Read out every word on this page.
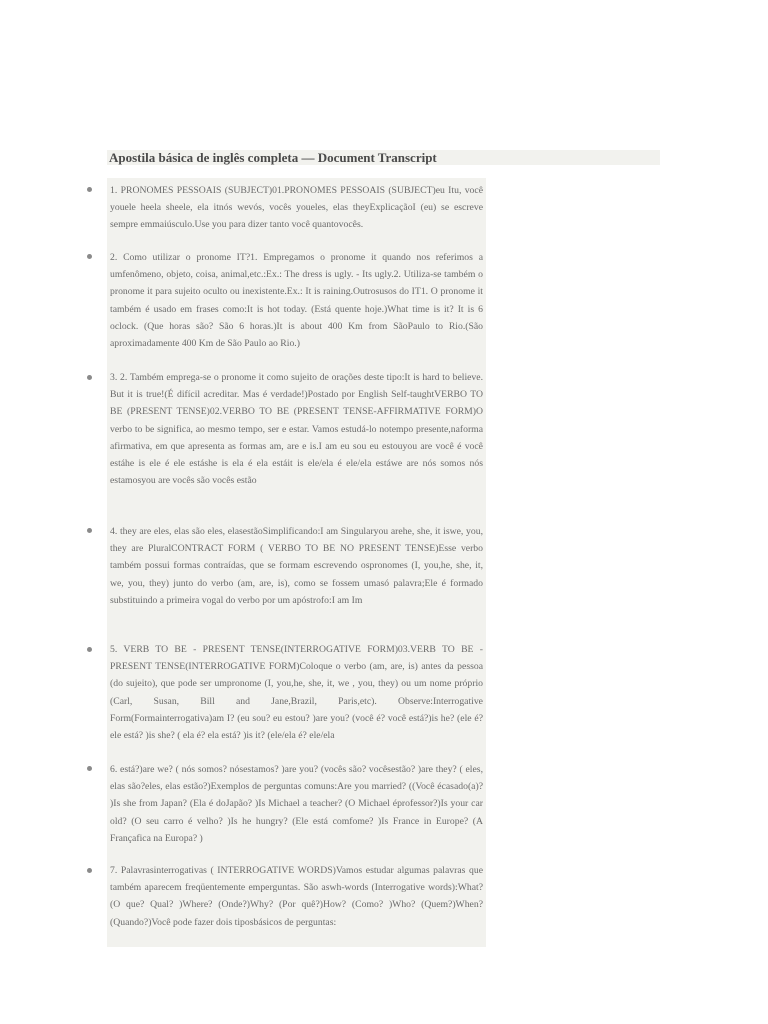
Apostila básica de inglês completa — Document Transcript

1. PRONOMES PESSOAIS (SUBJECT)01.PRONOMES PESSOAIS (SUBJECT)eu Itu, você youele heela sheele, ela itnós wevós, vocês youeles, elas theyExplicaçãoI (eu) se escreve sempre emmaiúsculo.Use you para dizer tanto você quantovocês.

2. Como utilizar o pronome IT?1. Empregamos o pronome it quando nos referimos a umfenômeno, objeto, coisa, animal,etc.:Ex.: The dress is ugly. - Its ugly.2. Utiliza-se também o pronome it para sujeito oculto ou inexistente.Ex.: It is raining.Outrosusos do IT1. O pronome it também é usado em frases como:It is hot today. (Está quente hoje.)What time is it? It is 6 oclock. (Que horas são? São 6 horas.)It is about 400 Km from SãoPaulo to Rio.(São aproximadamente 400 Km de São Paulo ao Rio.)

3. 2. Também emprega-se o pronome it como sujeito de orações deste tipo:It is hard to believe. But it is true!(É difícil acreditar. Mas é verdade!)Postado por English Self-taughtVERBO TO BE (PRESENT TENSE)02.VERBO TO BE (PRESENT TENSE-AFFIRMATIVE FORM)O verbo to be significa, ao mesmo tempo, ser e estar. Vamos estudá-lo notempo presente,naforma afirmativa, em que apresenta as formas am, are e is.I am eu sou eu estouyou are você é você estáhe is ele é ele estáshe is ela é ela estáit is ele/ela é ele/ela estáwe are nós somos nós estamosyou are vocês são vocês estão

4. they are eles, elas são eles, elasestãoSimplificando:I am Singularyou arehe, she, it iswe, you, they are PluralCONTRACT FORM ( VERBO TO BE NO PRESENT TENSE)Esse verbo também possui formas contraídas, que se formam escrevendo ospronomes (I, you,he, she, it, we, you, they) junto do verbo (am, are, is), como se fossem umasó palavra;Ele é formado substituindo a primeira vogal do verbo por um apóstrofo:I am Im

5. VERB TO BE - PRESENT TENSE(INTERROGATIVE FORM)03.VERB TO BE - PRESENT TENSE(INTERROGATIVE FORM)Coloque o verbo (am, are, is) antes da pessoa (do sujeito), que pode ser umpronome (I, you,he, she, it, we , you, they) ou um nome próprio (Carl, Susan, Bill and Jane,Brazil, Paris,etc). Observe:Interrogative Form(Formainterrogativa)am I? (eu sou? eu estou? )are you? (você é? você está?)is he? (ele é? ele está? )is she? ( ela é? ela está? )is it? (ele/ela é? ele/ela

6. está?)are we? ( nós somos? nósestamos? )are you? (vocês são? vocêsestão? )are they? ( eles, elas são?eles, elas estão?)Exemplos de perguntas comuns:Are you married? ((Você écasado(a)? )Is she from Japan? (Ela é doJapão? )Is Michael a teacher? (O Michael éprofessor?)Is your car old? (O seu carro é velho? )Is he hungry? (Ele está comfome? )Is France in Europe? (A Françafica na Europa? )

7. Palavrasinterrogativas ( INTERROGATIVE WORDS)Vamos estudar algumas palavras que também aparecem freqüentemente emperguntas. São aswh-words (Interrogative words):What? (O que? Qual? )Where? (Onde?)Why? (Por quê?)How? (Como? )Who? (Quem?)When? (Quando?)Você pode fazer dois tiposbásicos de perguntas:
